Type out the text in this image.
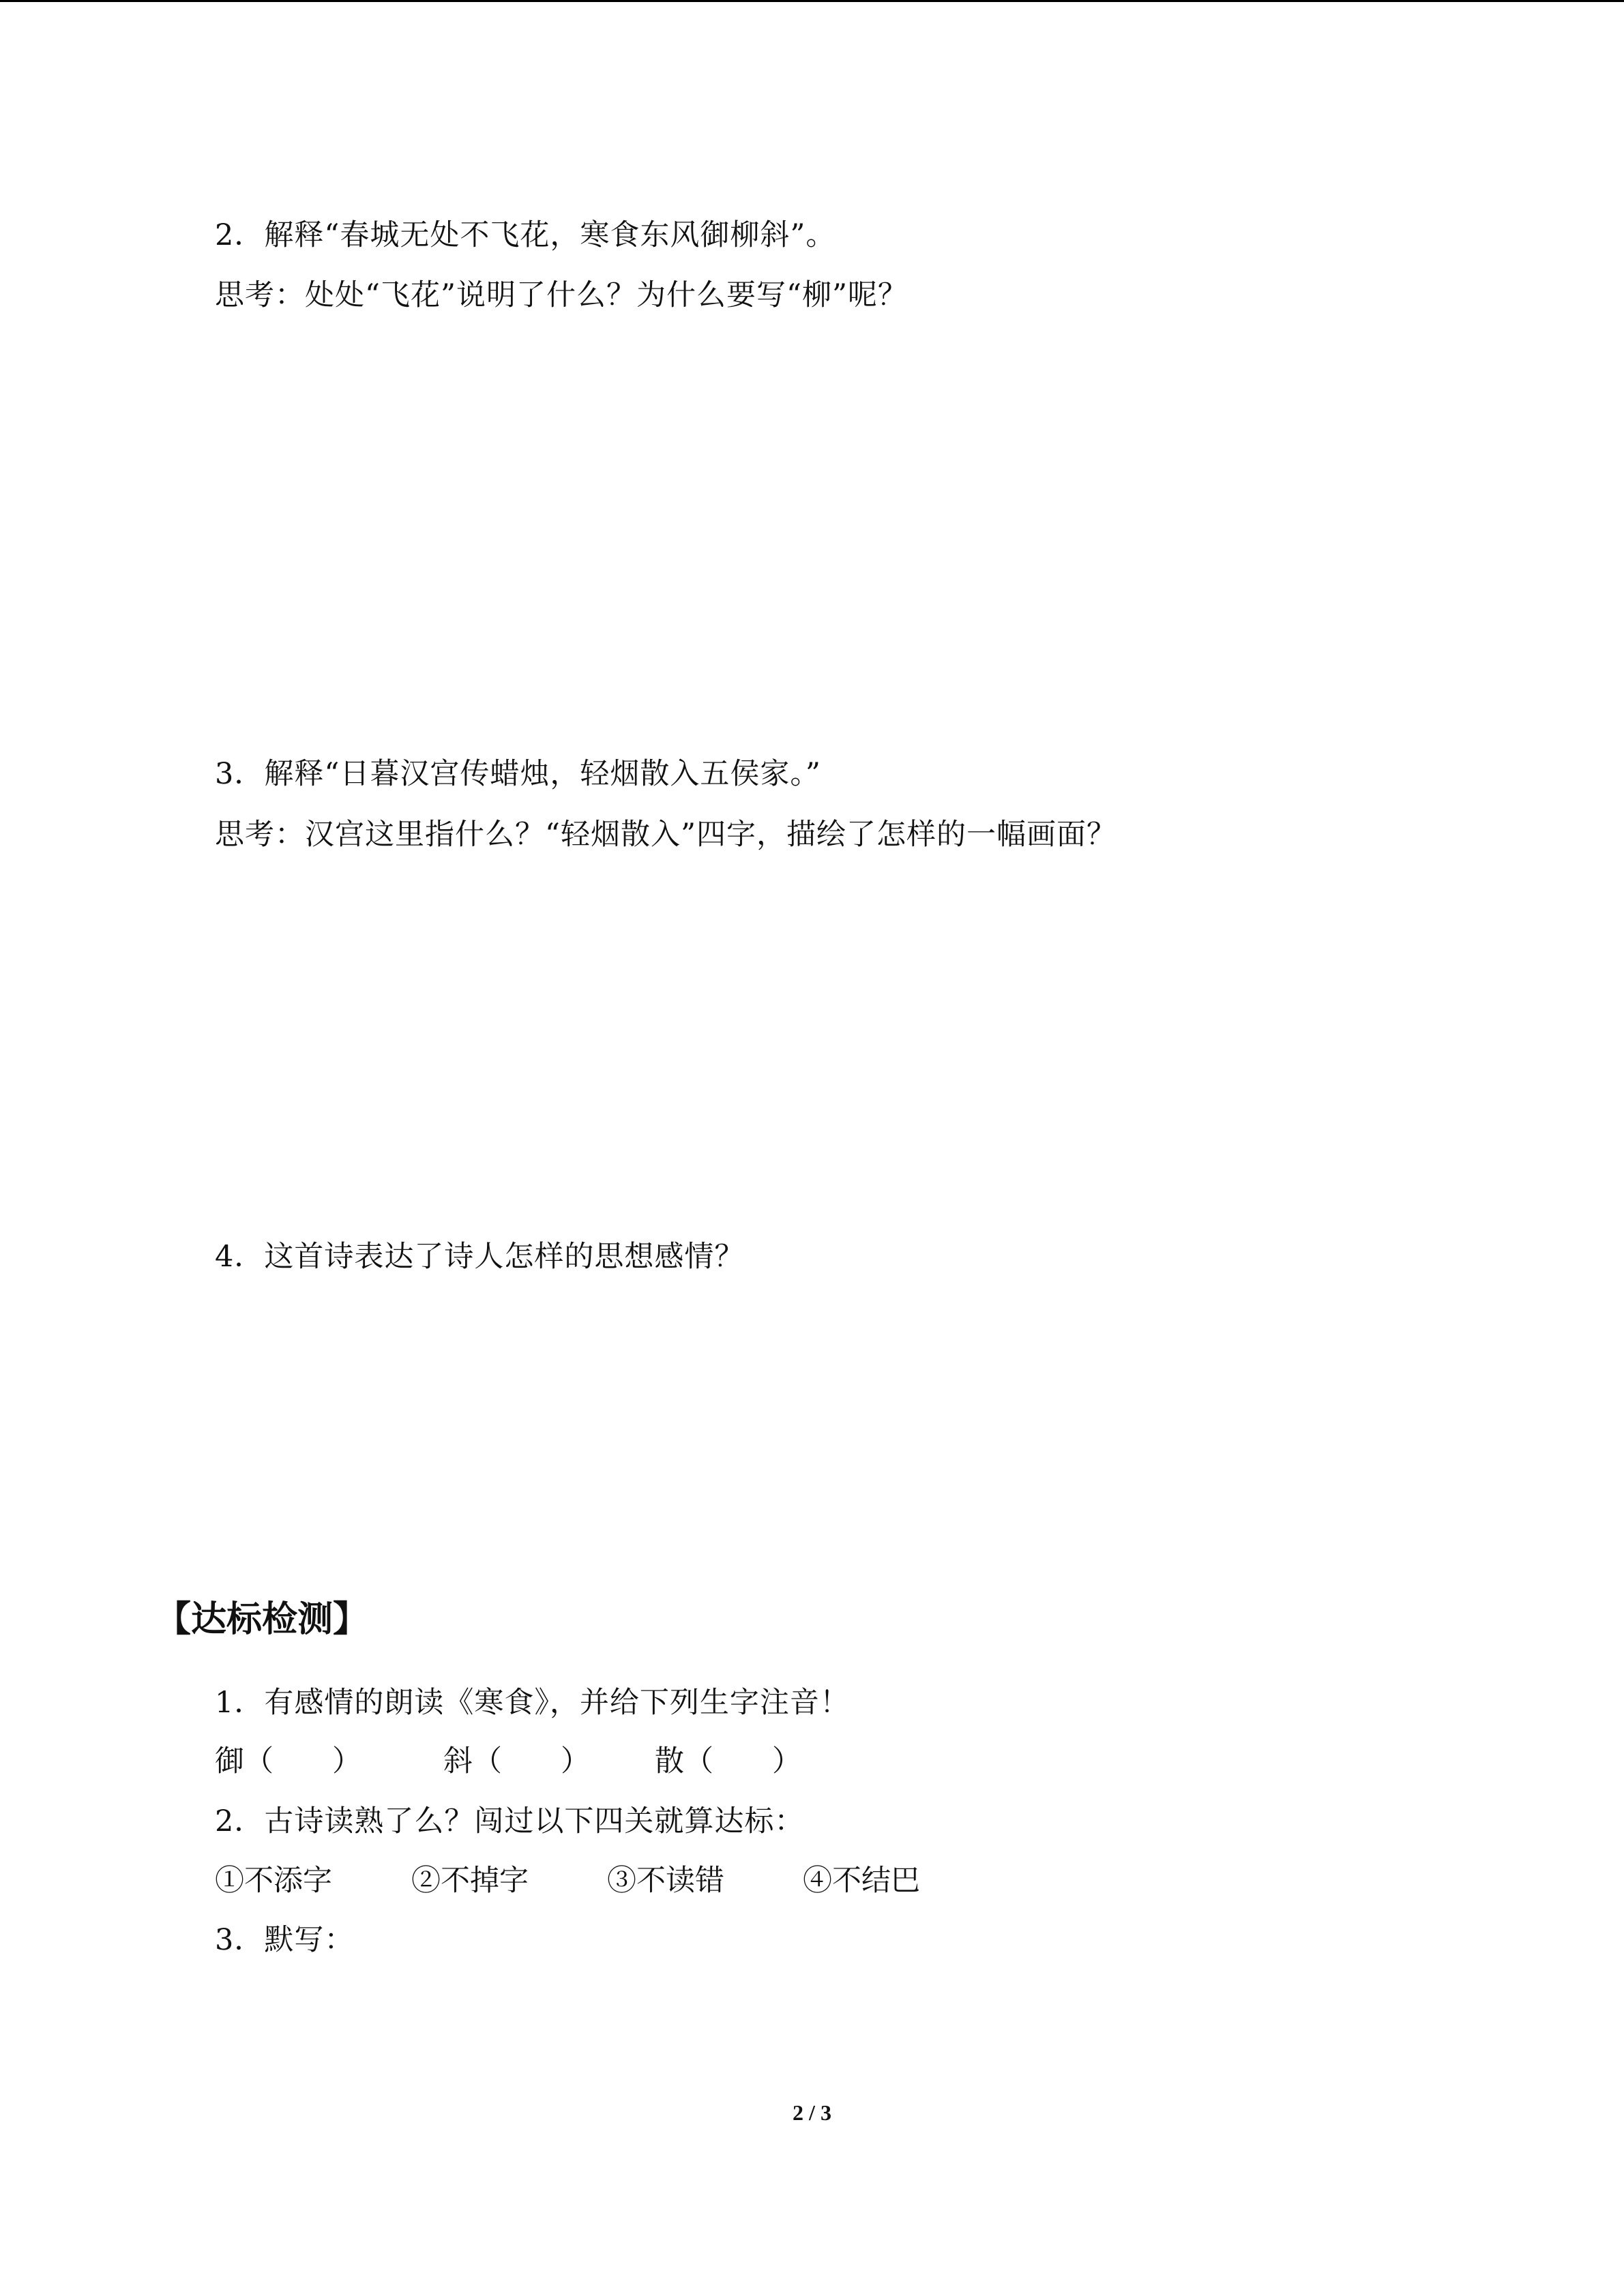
2．解释“春城无处不飞花，寒食东风御柳斜”。
思考：处处“飞花”说明了什么？为什么要写“柳”呢？
3．解释“日暮汉宫传蜡烛，轻烟散入五侯家。”
思考：汉宫这里指什么？“轻烟散入”四字，描绘了怎样的一幅画面？
4．这首诗表达了诗人怎样的思想感情？
【达标检测】
1．有感情的朗读《寒食》，并给下列生字注音！

御（　　）

	斜（　　）

散（　　）

2．古诗读熟了么？闯过以下四关就算达标：

①不添字

	②不掉字

	③不读错

	④不结巴

3．默写：
2 / 3
